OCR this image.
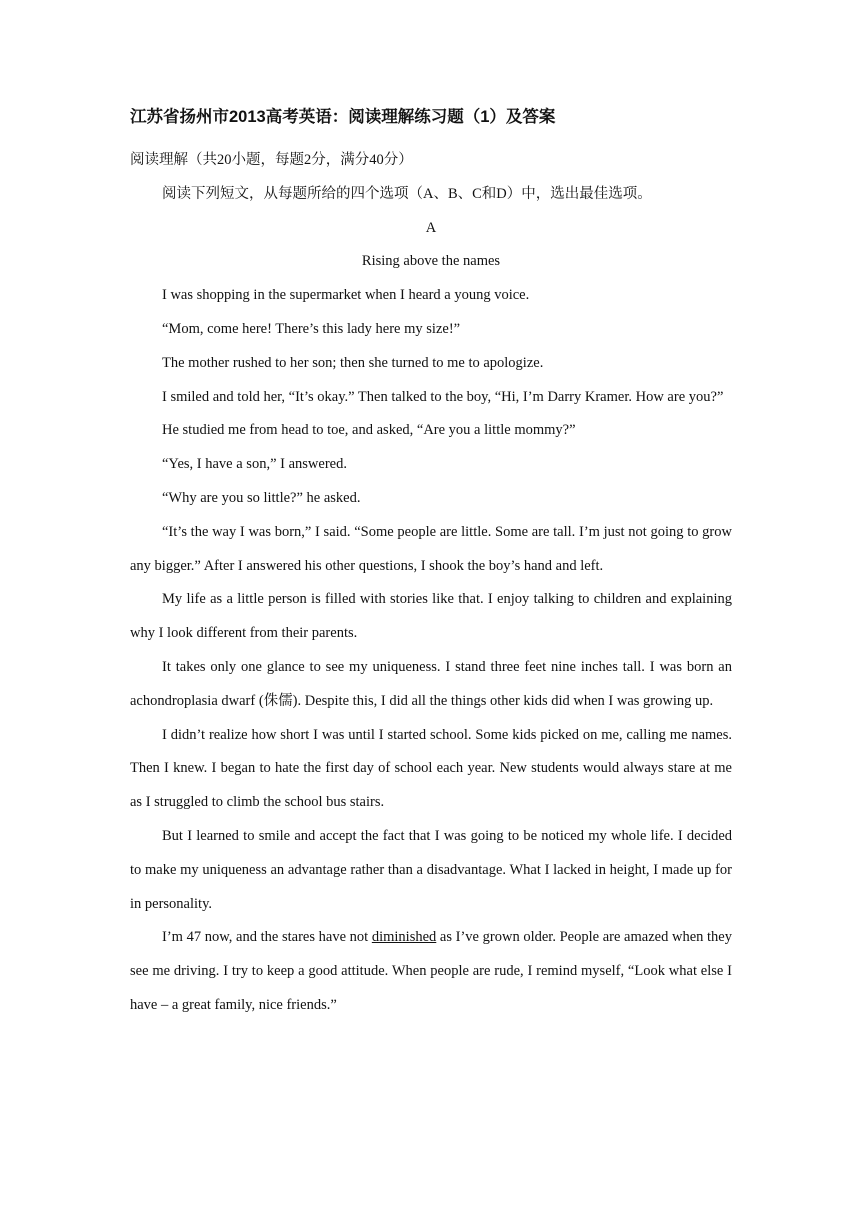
江苏省扬州市2013高考英语：阅读理解练习题（1）及答案

阅读理解（共20小题，每题2分，满分40分）

阅读下列短文，从每题所给的四个选项（A、B、C和D）中，选出最佳选项。

A

Rising above the names

I was shopping in the supermarket when I heard a young voice.

“Mom, come here! There’s this lady here my size!”

The mother rushed to her son; then she turned to me to apologize.

I smiled and told her, “It’s okay.” Then talked to the boy, “Hi, I’m Darry Kramer. How are you?”

He studied me from head to toe, and asked, “Are you a little mommy?”

“Yes, I have a son,” I answered.

“Why are you so little?” he asked.

“It’s the way I was born,” I said. “Some people are little. Some are tall. I’m just not going to grow any bigger.” After I answered his other questions, I shook the boy’s hand and left.

My life as a little person is filled with stories like that. I enjoy talking to children and explaining why I look different from their parents.

It takes only one glance to see my uniqueness. I stand three feet nine inches tall. I was born an achondroplasia dwarf (侏儒). Despite this, I did all the things other kids did when I was growing up.

I didn’t realize how short I was until I started school. Some kids picked on me, calling me names. Then I knew. I began to hate the first day of school each year. New students would always stare at me as I struggled to climb the school bus stairs.

But I learned to smile and accept the fact that I was going to be noticed my whole life. I decided to make my uniqueness an advantage rather than a disadvantage. What I lacked in height, I made up for in personality.

I’m 47 now, and the stares have not diminished as I’ve grown older. People are amazed when they see me driving. I try to keep a good attitude. When people are rude, I remind myself, “Look what else I have – a great family, nice friends.”
